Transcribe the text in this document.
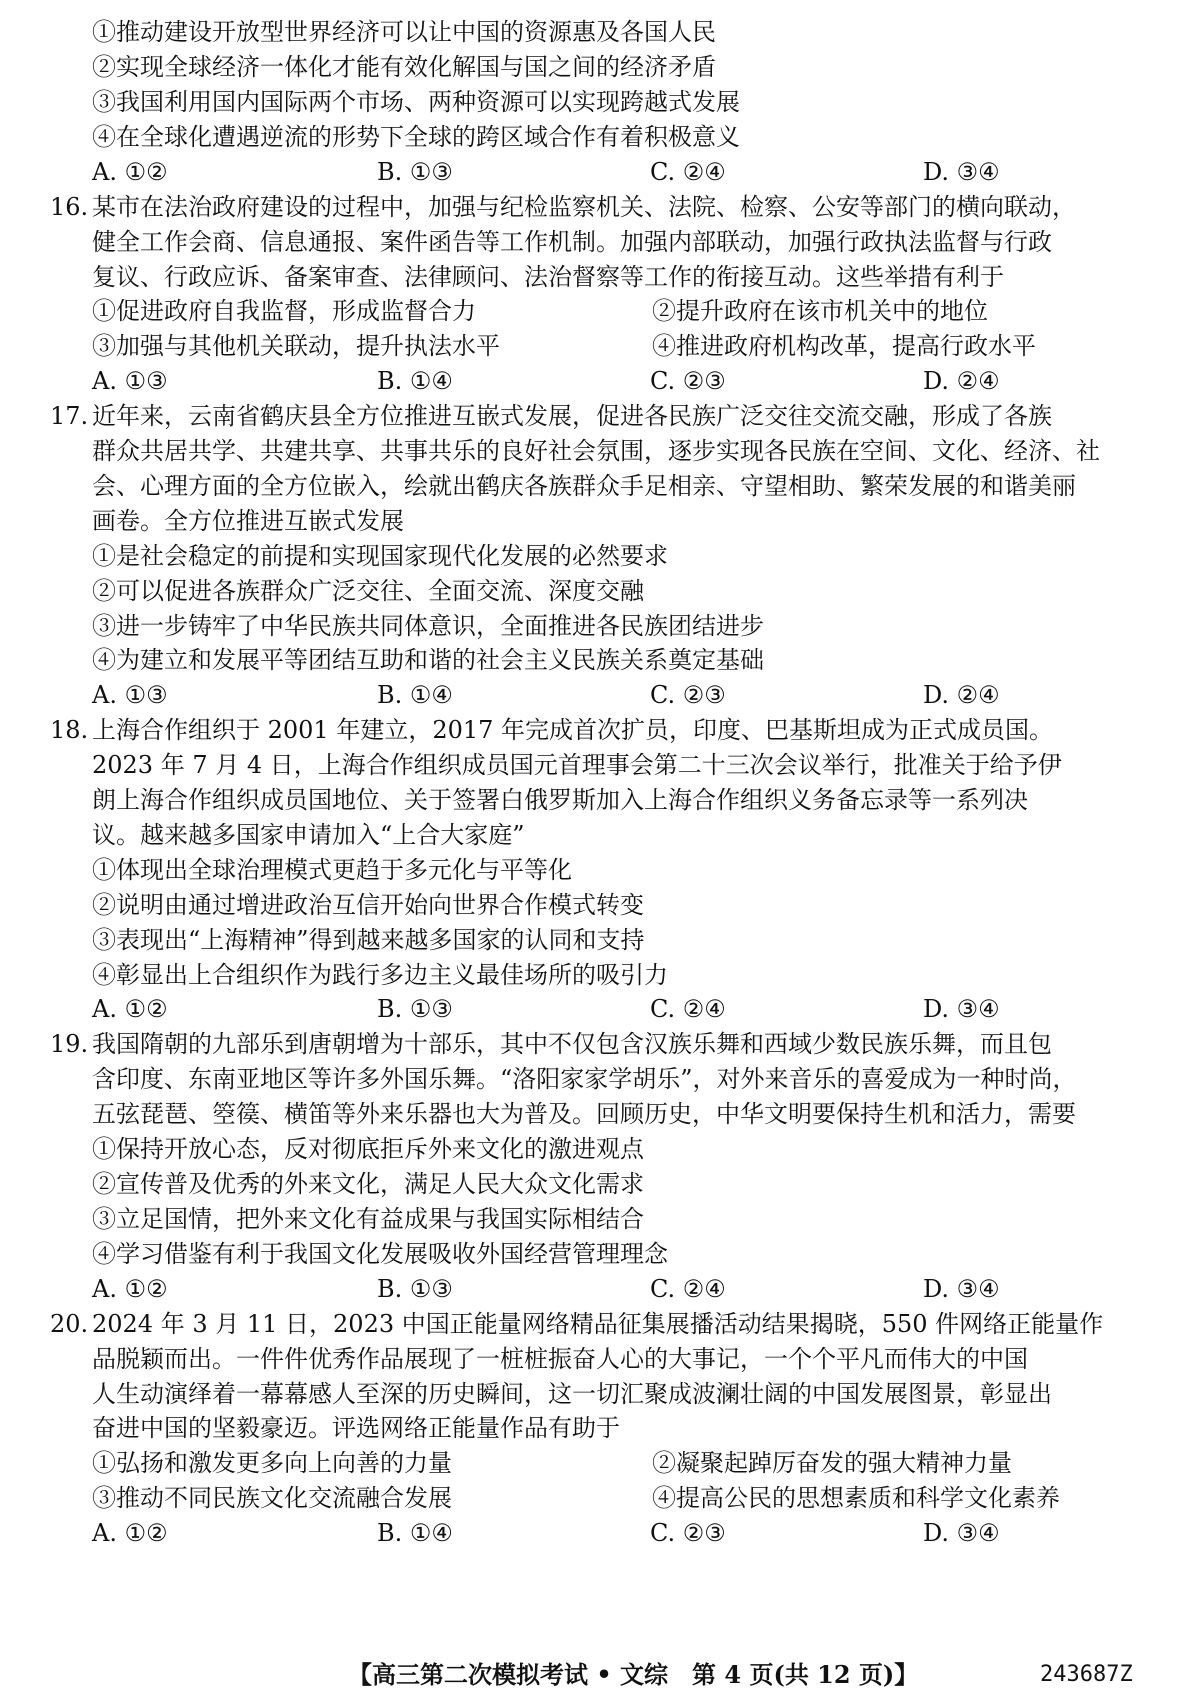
①推动建设开放型世界经济可以让中国的资源惠及各国人民
②实现全球经济一体化才能有效化解国与国之间的经济矛盾
③我国利用国内国际两个市场、两种资源可以实现跨越式发展
④在全球化遭遇逆流的形势下全球的跨区域合作有着积极意义
A. ①②	B. ①③	C. ②④	D. ③④
16. 某市在法治政府建设的过程中，加强与纪检监察机关、法院、检察、公安等部门的横向联动，
健全工作会商、信息通报、案件函告等工作机制。加强内部联动，加强行政执法监督与行政
复议、行政应诉、备案审查、法律顾问、法治督察等工作的衔接互动。这些举措有利于
①促进政府自我监督，形成监督合力	②提升政府在该市机关中的地位
③加强与其他机关联动，提升执法水平	④推进政府机构改革，提高行政水平
A. ①③	B. ①④	C. ②③	D. ②④
17. 近年来，云南省鹤庆县全方位推进互嵌式发展，促进各民族广泛交往交流交融，形成了各族
群众共居共学、共建共享、共事共乐的良好社会氛围，逐步实现各民族在空间、文化、经济、社
会、心理方面的全方位嵌入，绘就出鹤庆各族群众手足相亲、守望相助、繁荣发展的和谐美丽
画卷。全方位推进互嵌式发展
①是社会稳定的前提和实现国家现代化发展的必然要求
②可以促进各族群众广泛交往、全面交流、深度交融
③进一步铸牢了中华民族共同体意识，全面推进各民族团结进步
④为建立和发展平等团结互助和谐的社会主义民族关系奠定基础
A. ①③	B. ①④	C. ②③	D. ②④
18. 上海合作组织于 2001 年建立，2017 年完成首次扩员，印度、巴基斯坦成为正式成员国。
2023 年 7 月 4 日，上海合作组织成员国元首理事会第二十三次会议举行，批准关于给予伊
朗上海合作组织成员国地位、关于签署白俄罗斯加入上海合作组织义务备忘录等一系列决
议。越来越多国家申请加入“上合大家庭”
①体现出全球治理模式更趋于多元化与平等化
②说明由通过增进政治互信开始向世界合作模式转变
③表现出“上海精神”得到越来越多国家的认同和支持
④彰显出上合组织作为践行多边主义最佳场所的吸引力
A. ①②	B. ①③	C. ②④	D. ③④
19. 我国隋朝的九部乐到唐朝增为十部乐，其中不仅包含汉族乐舞和西域少数民族乐舞，而且包
含印度、东南亚地区等许多外国乐舞。“洛阳家家学胡乐”，对外来音乐的喜爱成为一种时尚，
五弦琵琶、箜篌、横笛等外来乐器也大为普及。回顾历史，中华文明要保持生机和活力，需要
①保持开放心态，反对彻底拒斥外来文化的激进观点
②宣传普及优秀的外来文化，满足人民大众文化需求
③立足国情，把外来文化有益成果与我国实际相结合
④学习借鉴有利于我国文化发展吸收外国经营管理理念
A. ①②	B. ①③	C. ②④	D. ③④
20. 2024 年 3 月 11 日，2023 中国正能量网络精品征集展播活动结果揭晓，550 件网络正能量作
品脱颖而出。一件件优秀作品展现了一桩桩振奋人心的大事记，一个个平凡而伟大的中国
人生动演绎着一幕幕感人至深的历史瞬间，这一切汇聚成波澜壮阔的中国发展图景，彰显出
奋进中国的坚毅豪迈。评选网络正能量作品有助于
①弘扬和激发更多向上向善的力量	②凝聚起踔厉奋发的强大精神力量
③推动不同民族文化交流融合发展	④提高公民的思想素质和科学文化素养
A. ①②	B. ①④	C. ②③	D. ③④
【高三第二次模拟考试 • 文综　第 4 页(共 12 页)】	243687Z
